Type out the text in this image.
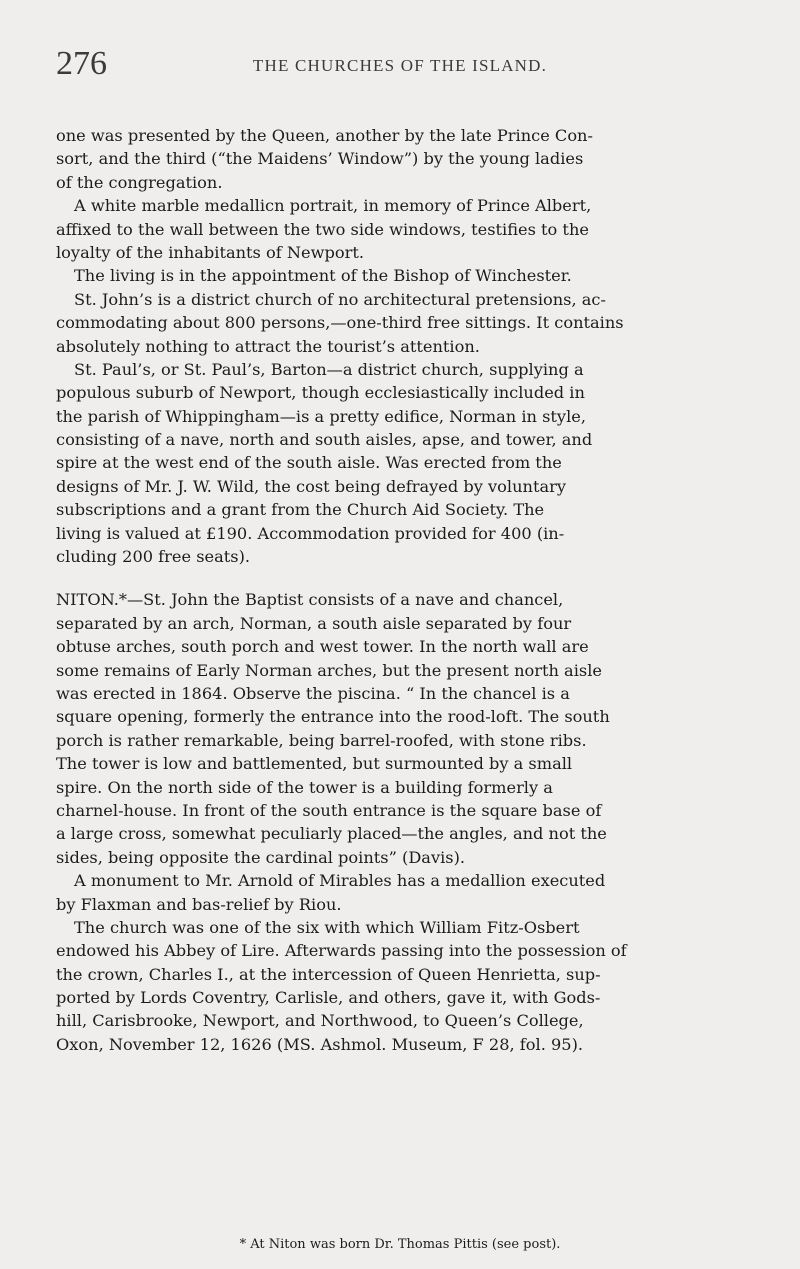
276	THE CHURCHES OF THE ISLAND.
one was presented by the Queen, another by the late Prince Con-
sort, and the third (“the Maidens’ Window”) by the young ladies
of the congregation.
A white marble medallicn portrait, in memory of Prince Albert,
affixed to the wall between the two side windows, testifies to the
loyalty of the inhabitants of Newport.
The living is in the appointment of the Bishop of Winchester.
St. John’s is a district church of no architectural pretensions, ac-
commodating about 800 persons,—one-third free sittings. It contains
absolutely nothing to attract the tourist’s attention.
St. Paul’s, or St. Paul’s, Barton—a district church, supplying a
populous suburb of Newport, though ecclesiastically included in
the parish of Whippingham—is a pretty edifice, Norman in style,
consisting of a nave, north and south aisles, apse, and tower, and
spire at the west end of the south aisle. Was erected from the
designs of Mr. J. W. Wild, the cost being defrayed by voluntary
subscriptions and a grant from the Church Aid Society. The
living is valued at £190. Accommodation provided for 400 (in-
cluding 200 free seats).
NITON.*—St. John the Baptist consists of a nave and chancel,
separated by an arch, Norman, a south aisle separated by four
obtuse arches, south porch and west tower. In the north wall are
some remains of Early Norman arches, but the present north aisle
was erected in 1864. Observe the piscina. “ In the chancel is a
square opening, formerly the entrance into the rood-loft. The south
porch is rather remarkable, being barrel-roofed, with stone ribs.
The tower is low and battlemented, but surmounted by a small
spire. On the north side of the tower is a building formerly a
charnel-house. In front of the south entrance is the square base of
a large cross, somewhat peculiarly placed—the angles, and not the
sides, being opposite the cardinal points” (Davis).
A monument to Mr. Arnold of Mirables has a medallion executed
by Flaxman and bas-relief by Riou.
The church was one of the six with which William Fitz-Osbert
endowed his Abbey of Lire. Afterwards passing into the possession of
the crown, Charles I., at the intercession of Queen Henrietta, sup-
ported by Lords Coventry, Carlisle, and others, gave it, with Gods-
hill, Carisbrooke, Newport, and Northwood, to Queen’s College,
Oxon, November 12, 1626 (MS. Ashmol. Museum, F 28, fol. 95).
* At Niton was born Dr. Thomas Pittis (see post).
